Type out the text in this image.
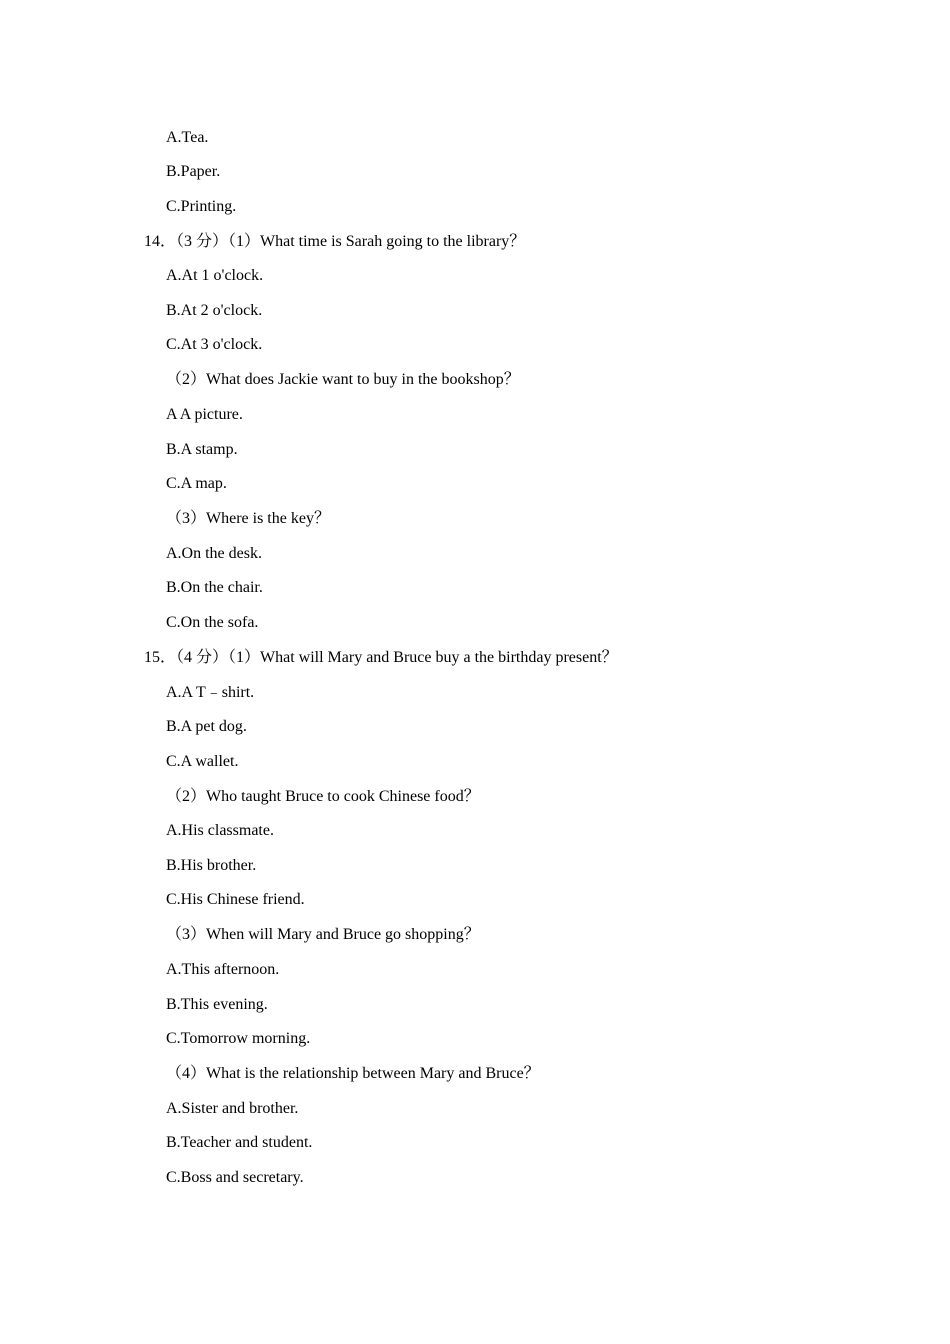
A.Tea.
B.Paper.
C.Printing.
14．（3 分）（1）What time is Sarah going to the library？
A.At 1 o'clock.
B.At 2 o'clock.
C.At 3 o'clock.
（2）What does Jackie want to buy in the bookshop？
A A picture.
B.A stamp.
C.A map.
（3）Where is the key？
A.On the desk.
B.On the chair.
C.On the sofa.
15．（4 分）（1）What will Mary and Bruce buy a the birthday present？
A.A T﹣shirt.
B.A pet dog.
C.A wallet.
（2）Who taught Bruce to cook Chinese food？
A.His classmate.
B.His brother.
C.His Chinese friend.
（3）When will Mary and Bruce go shopping？
A.This afternoon.
B.This evening.
C.Tomorrow morning.
（4）What is the relationship between Mary and Bruce？
A.Sister and brother.
B.Teacher and student.
C.Boss and secretary.
